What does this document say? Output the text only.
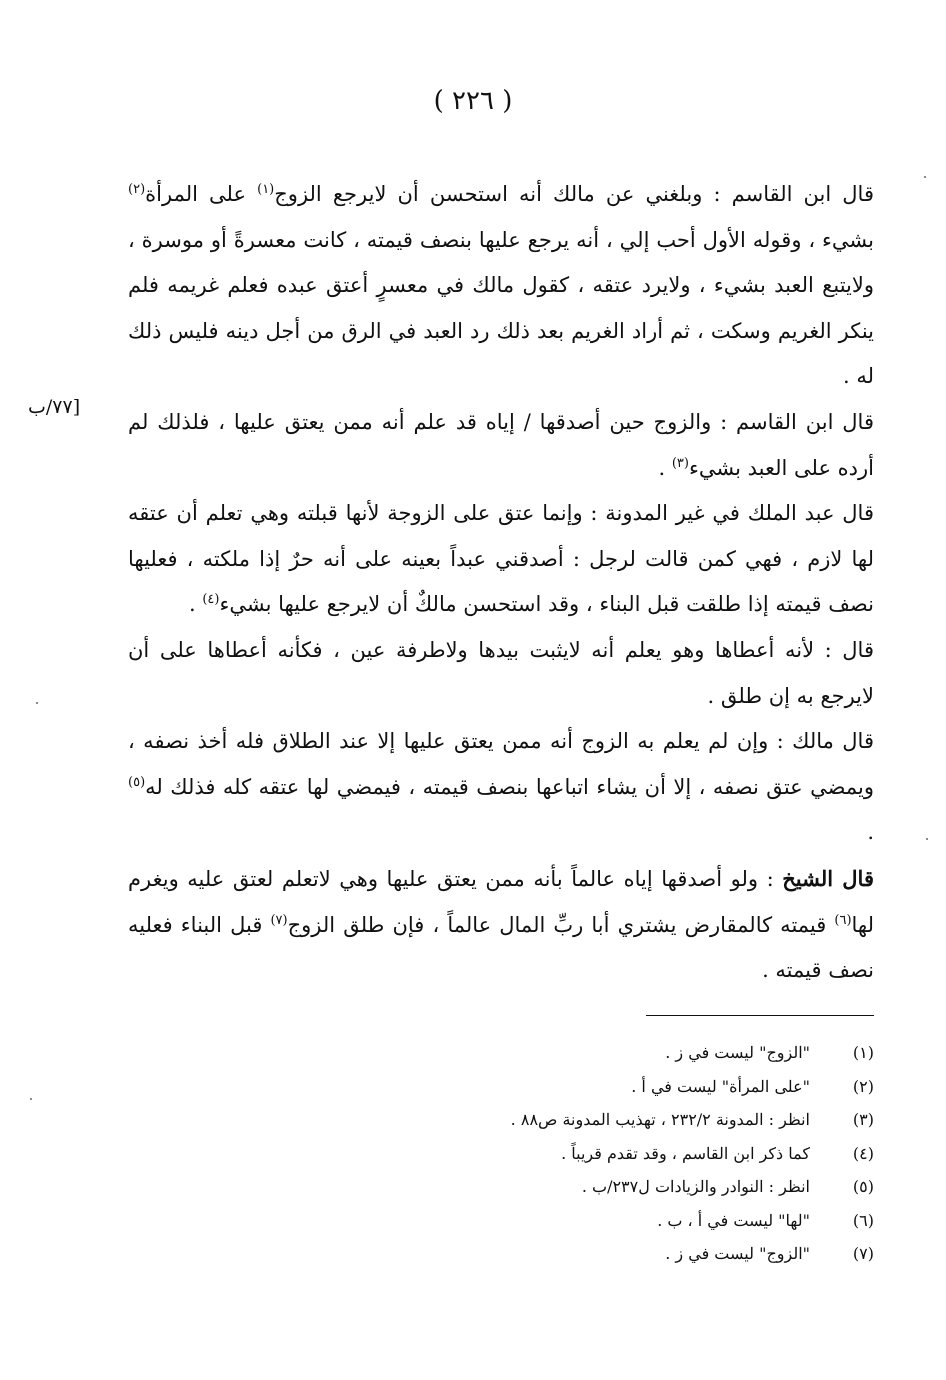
( ٢٢٦ )
[٧٧/ب

قال ابن القاسم : وبلغني عن مالك أنه استحسن أن لايرجع الزوج$^{(١)}$ على المرأة$^{(٢)}$ بشيء ، وقوله الأول أحب إلي ، أنه يرجع عليها بنصف قيمته ، كانت معسرةً أو موسرة ، ولايتبع العبد بشيء ، ولايرد عتقه ، كقول مالك في معسرٍ أعتق عبده فعلم غريمه فلم ينكر الغريم وسكت ، ثم أراد الغريم بعد ذلك رد العبد في الرق من أجل دينه فليس ذلك له .

قال ابن القاسم : والزوج حين أصدقها / إياه قد علم أنه ممن يعتق عليها ، فلذلك لم أرده على العبد بشيء$^{(٣)}$ .

قال عبد الملك في غير المدونة : وإنما عتق على الزوجة لأنها قبلته وهي تعلم أن عتقه لها لازم ، فهي كمن قالت لرجل : أصدقني عبداً بعينه على أنه حرٌ إذا ملكته ، فعليها نصف قيمته إذا طلقت قبل البناء ، وقد استحسن مالكٌ أن لايرجع عليها بشيء$^{(٤)}$ .

قال : لأنه أعطاها وهو يعلم أنه لايثبت بيدها ولاطرفة عين ، فكأنه أعطاها على أن لايرجع به إن طلق .

قال مالك : وإن لم يعلم به الزوج أنه ممن يعتق عليها إلا عند الطلاق فله أخذ نصفه ، ويمضي عتق نصفه ، إلا أن يشاء اتباعها بنصف قيمته ، فيمضي لها عتقه كله فذلك له$^{(٥)}$ .

قال الشيخ : ولو أصدقها إياه عالماً بأنه ممن يعتق عليها وهي لاتعلم لعتق عليه ويغرم لها$^{(٦)}$ قيمته كالمقارض يشتري أبا ربِّ المال عالماً ، فإن طلق الزوج$^{(٧)}$ قبل البناء فعليه نصف قيمته .

(١)
"الزوج" ليست في ز .
(٢)
"على المرأة" ليست في أ .
(٣)
انظر : المدونة ٢٣٢/٢ ، تهذيب المدونة ص٨٨ .
(٤)
كما ذكر ابن القاسم ، وقد تقدم قريباً .
(٥)
انظر : النوادر والزيادات ل٢٣٧/ب .
(٦)
"لها" ليست في أ ، ب .
(٧)
"الزوج" ليست في ز .
